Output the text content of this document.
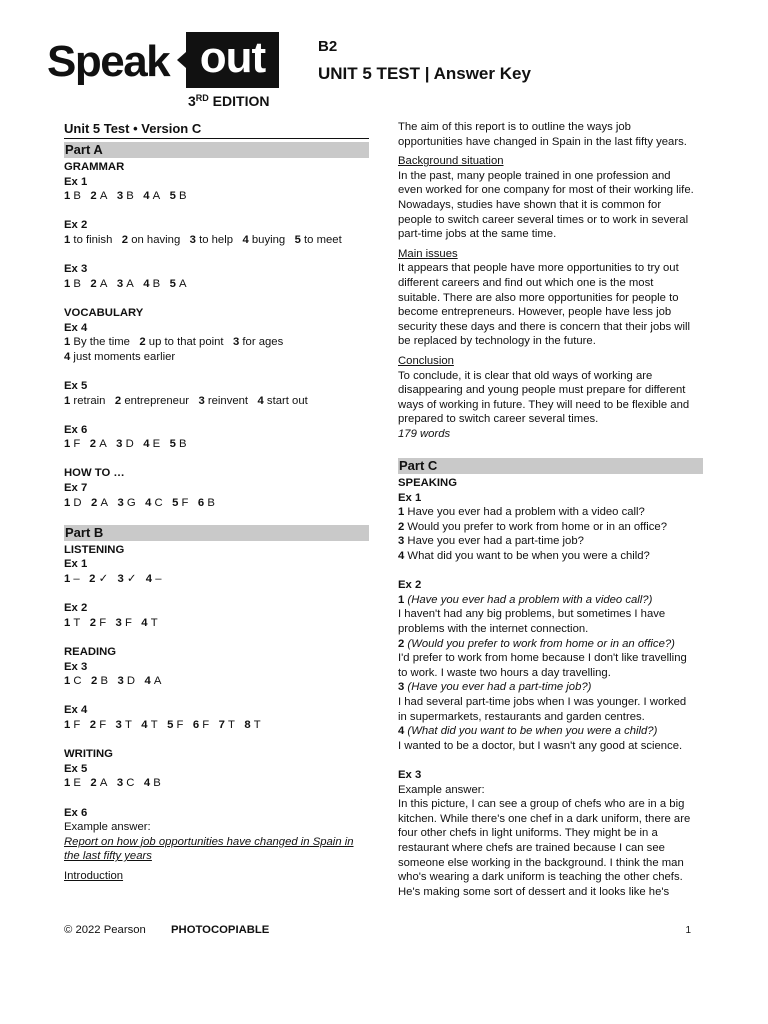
Speak out
3RD EDITION
B2
UNIT 5 TEST | Answer Key
Unit 5 Test • Version C
Part A
GRAMMAR
Ex 1
1 B 2 A 3 B 4 A 5 B
Ex 2
1 to finish 2 on having 3 to help 4 buying 5 to meet
Ex 3
1 B 2 A 3 A 4 B 5 A
VOCABULARY
Ex 4
1 By the time 2 up to that point 3 for ages
4 just moments earlier
Ex 5
1 retrain 2 entrepreneur 3 reinvent 4 start out
Ex 6
1 F 2 A 3 D 4 E 5 B
HOW TO …
Ex 7
1 D 2 A 3 G 4 C 5 F 6 B
Part B
LISTENING
Ex 1
1 – 2 ✓ 3 ✓ 4 –
Ex 2
1 T 2 F 3 F 4 T
READING
Ex 3
1 C 2 B 3 D 4 A
Ex 4
1 F 2 F 3 T 4 T 5 F 6 F 7 T 8 T
WRITING
Ex 5
1 E 2 A 3 C 4 B
Ex 6

Example answer:

Report on how job opportunities have changed in Spain in

the last fifty years

Introduction

The aim of this report is to outline the ways job

opportunities have changed in Spain in the last fifty years.

Background situation

In the past, many people trained in one profession and

even worked for one company for most of their working life.

Nowadays, studies have shown that it is common for

people to switch career several times or to work in several

part-time jobs at the same time.

Main issues

It appears that people have more opportunities to try out

different careers and find out which one is the most

suitable. There are also more opportunities for people to

become entrepreneurs. However, people have less job

security these days and there is concern that their jobs will

be replaced by technology in the future.

Conclusion

To conclude, it is clear that old ways of working are

disappearing and young people must prepare for different

ways of working in future. They will need to be flexible and

prepared to switch career several times.

179 words

Part C
SPEAKING
Ex 1

1 Have you ever had a problem with a video call?

2 Would you prefer to work from home or in an office?

3 Have you ever had a part-time job?

4 What did you want to be when you were a child?

Ex 2

1 (Have you ever had a problem with a video call?)

I haven't had any big problems, but sometimes I have

problems with the internet connection.

2 (Would you prefer to work from home or in an office?)

I'd prefer to work from home because I don't like travelling

to work. I waste two hours a day travelling.

3 (Have you ever had a part-time job?)

I had several part-time jobs when I was younger. I worked

in supermarkets, restaurants and garden centres.

4 (What did you want to be when you were a child?)

I wanted to be a doctor, but I wasn't any good at science.

Ex 3

Example answer:

In this picture, I can see a group of chefs who are in a big

kitchen. While there's one chef in a dark uniform, there are

four other chefs in light uniforms. They might be in a

restaurant where chefs are trained because I can see

someone else working in the background. I think the man

who's wearing a dark uniform is teaching the other chefs.

He's making some sort of dessert and it looks like he's

© 2022 Pearson PHOTOCOPIABLE	1
